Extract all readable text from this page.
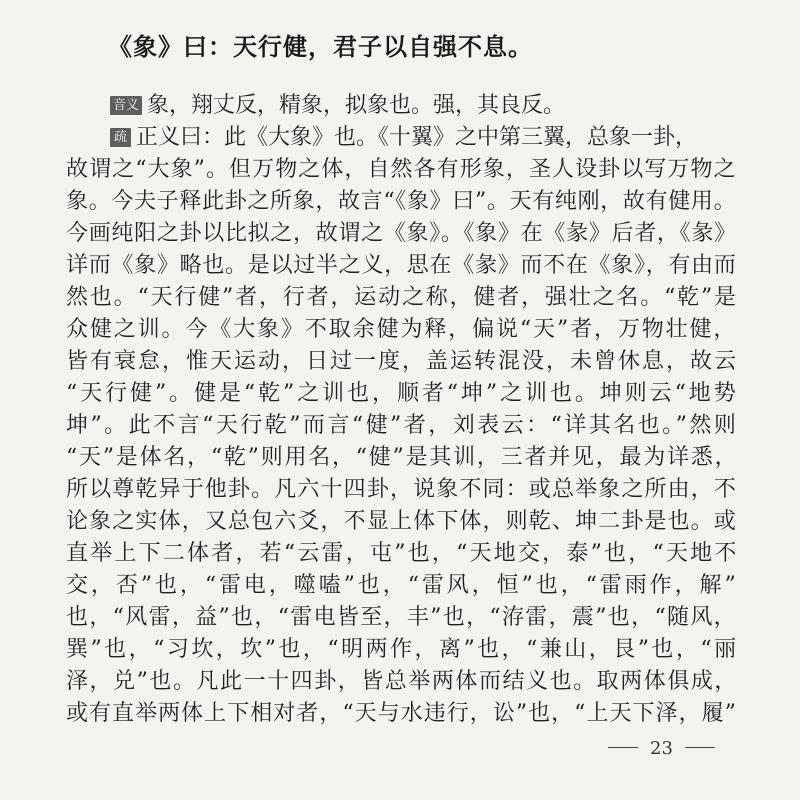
《象》曰：天行健，君子以自强不息。
音义 象，翔丈反，精象，拟象也。强，其良反。
疏 正义曰：此《大象》也。《十翼》之中第三翼，总象一卦，
故谓之“大象”。但万物之体，自然各有形象，圣人设卦以写万物之
象。今夫子释此卦之所象，故言“《象》曰”。天有纯刚，故有健用。
今画纯阳之卦以比拟之，故谓之《象》。《象》在《彖》后者，《彖》
详而《象》略也。是以过半之义，思在《彖》而不在《象》，有由而
然也。“天行健”者，行者，运动之称，健者，强壮之名。“乾”是
众健之训。今《大象》不取余健为释，偏说“天”者，万物壮健，
皆有衰怠，惟天运动，日过一度，盖运转混没，未曾休息，故云
“天行健”。健是“乾”之训也，顺者“坤”之训也。坤则云“地势
坤”。此不言“天行乾”而言“健”者，刘表云：“详其名也。”然则
“天”是体名，“乾”则用名，“健”是其训，三者并见，最为详悉，
所以尊乾异于他卦。凡六十四卦，说象不同：或总举象之所由，不
论象之实体，又总包六爻，不显上体下体，则乾、坤二卦是也。或
直举上下二体者，若“云雷，屯”也，“天地交，泰”也，“天地不
交，否”也，“雷电，噬嗑”也，“雷风，恒”也，“雷雨作，解”
也，“风雷，益”也，“雷电皆至，丰”也，“洊雷，震”也，“随风，
巽”也，“习坎，坎”也，“明两作，离”也，“兼山，艮”也，“丽
泽，兑”也。凡此一十四卦，皆总举两体而结义也。取两体俱成，
或有直举两体上下相对者，“天与水违行，讼”也，“上天下泽，履”
23
